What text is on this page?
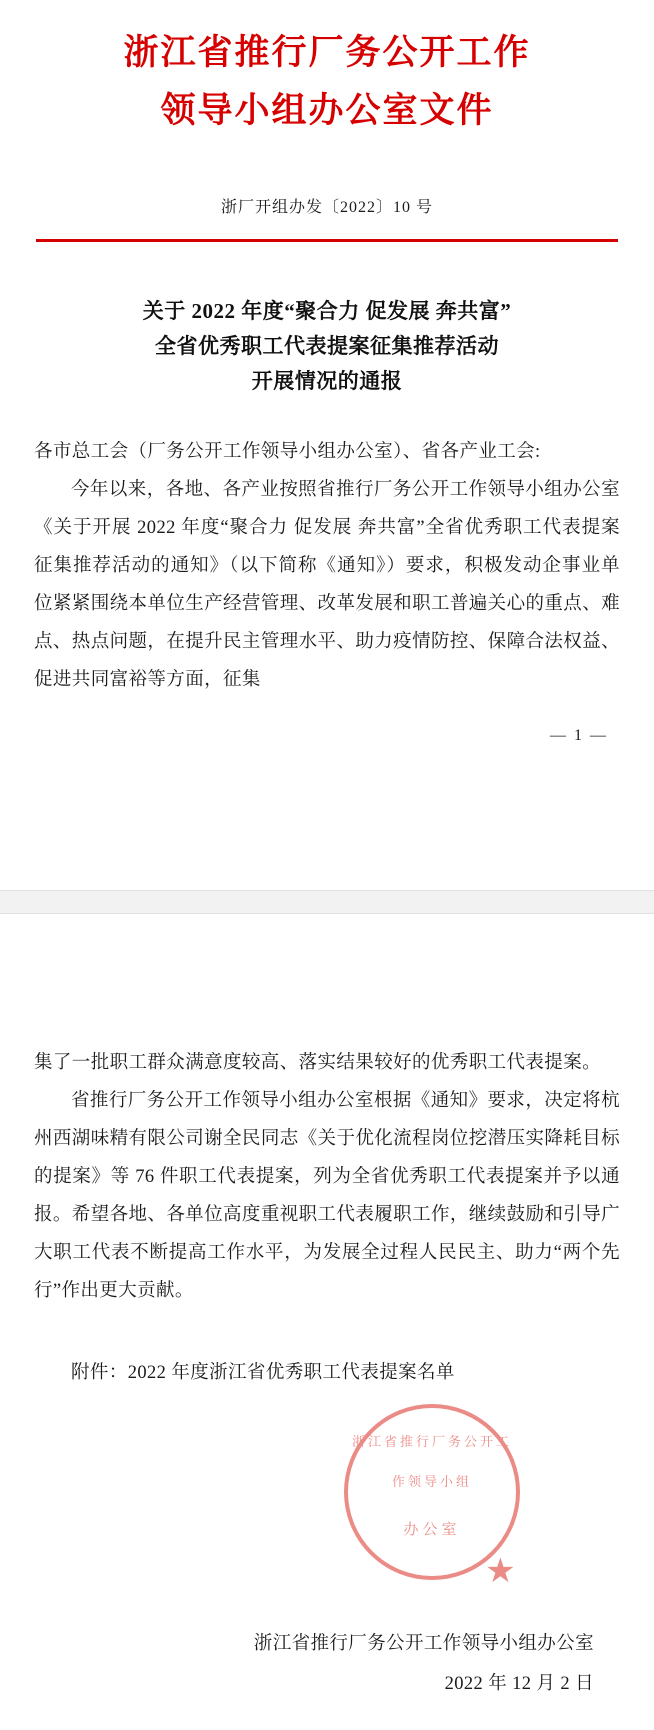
浙江省推行厂务公开工作
领导小组办公室文件
浙厂开组办发〔2022〕10 号
关于 2022 年度“聚合力 促发展 奔共富”
全省优秀职工代表提案征集推荐活动
开展情况的通报

各市总工会（厂务公开工作领导小组办公室）、省各产业工会:

今年以来，各地、各产业按照省推行厂务公开工作领导小组办公室《关于开展 2022 年度“聚合力 促发展 奔共富”全省优秀职工代表提案征集推荐活动的通知》（以下简称《通知》）要求，积极发动企事业单位紧紧围绕本单位生产经营管理、改革发展和职工普遍关心的重点、难点、热点问题，在提升民主管理水平、助力疫情防控、保障合法权益、促进共同富裕等方面，征集

— 1 —

集了一批职工群众满意度较高、落实结果较好的优秀职工代表提案。

省推行厂务公开工作领导小组办公室根据《通知》要求，决定将杭州西湖味精有限公司谢全民同志《关于优化流程岗位挖潜压实降耗目标的提案》等 76 件职工代表提案，列为全省优秀职工代表提案并予以通报。希望各地、各单位高度重视职工代表履职工作，继续鼓励和引导广大职工代表不断提高工作水平，为发展全过程人民民主、助力“两个先行”作出更大贡献。

附件：2022 年度浙江省优秀职工代表提案名单
浙江省推行厂务公开工作领导小组
★
办公室
浙江省推行厂务公开工作领导小组办公室
2022 年 12 月 2 日
